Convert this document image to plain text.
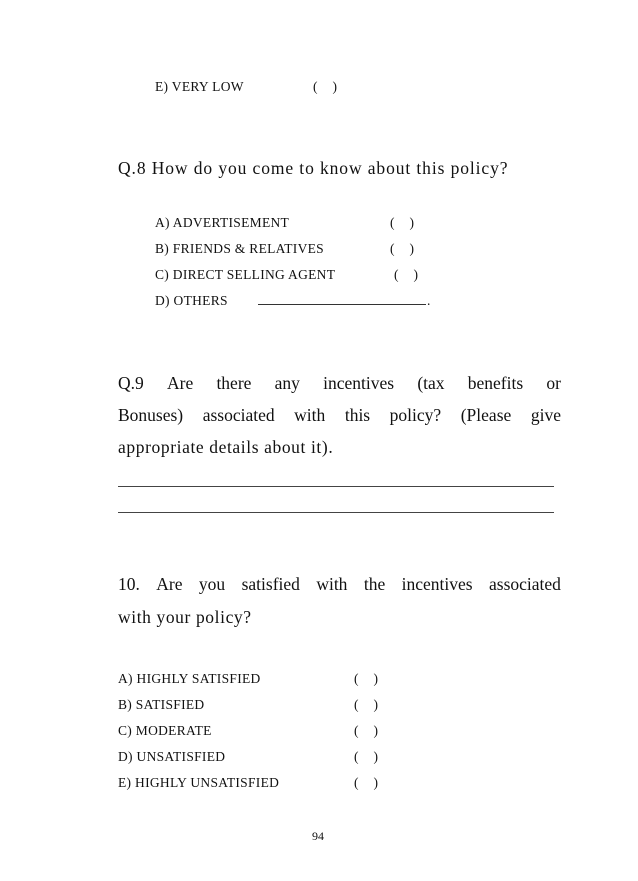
E) VERY LOW	(    )
Q.8 How do you come to know about this policy?
A) ADVERTISEMENT	(    )
B) FRIENDS & RELATIVES	(    )
C) DIRECT SELLING AGENT	(    )
D) OTHERS	.
Q.9 Are there any incentives (tax benefits or
Bonuses) associated with this policy? (Please give
appropriate details about it).
10. Are you satisfied with the incentives associated
with your policy?
A) HIGHLY SATISFIED	(    )
B) SATISFIED	(    )
C) MODERATE	(    )
D) UNSATISFIED	(    )
E) HIGHLY UNSATISFIED	(    )
94
